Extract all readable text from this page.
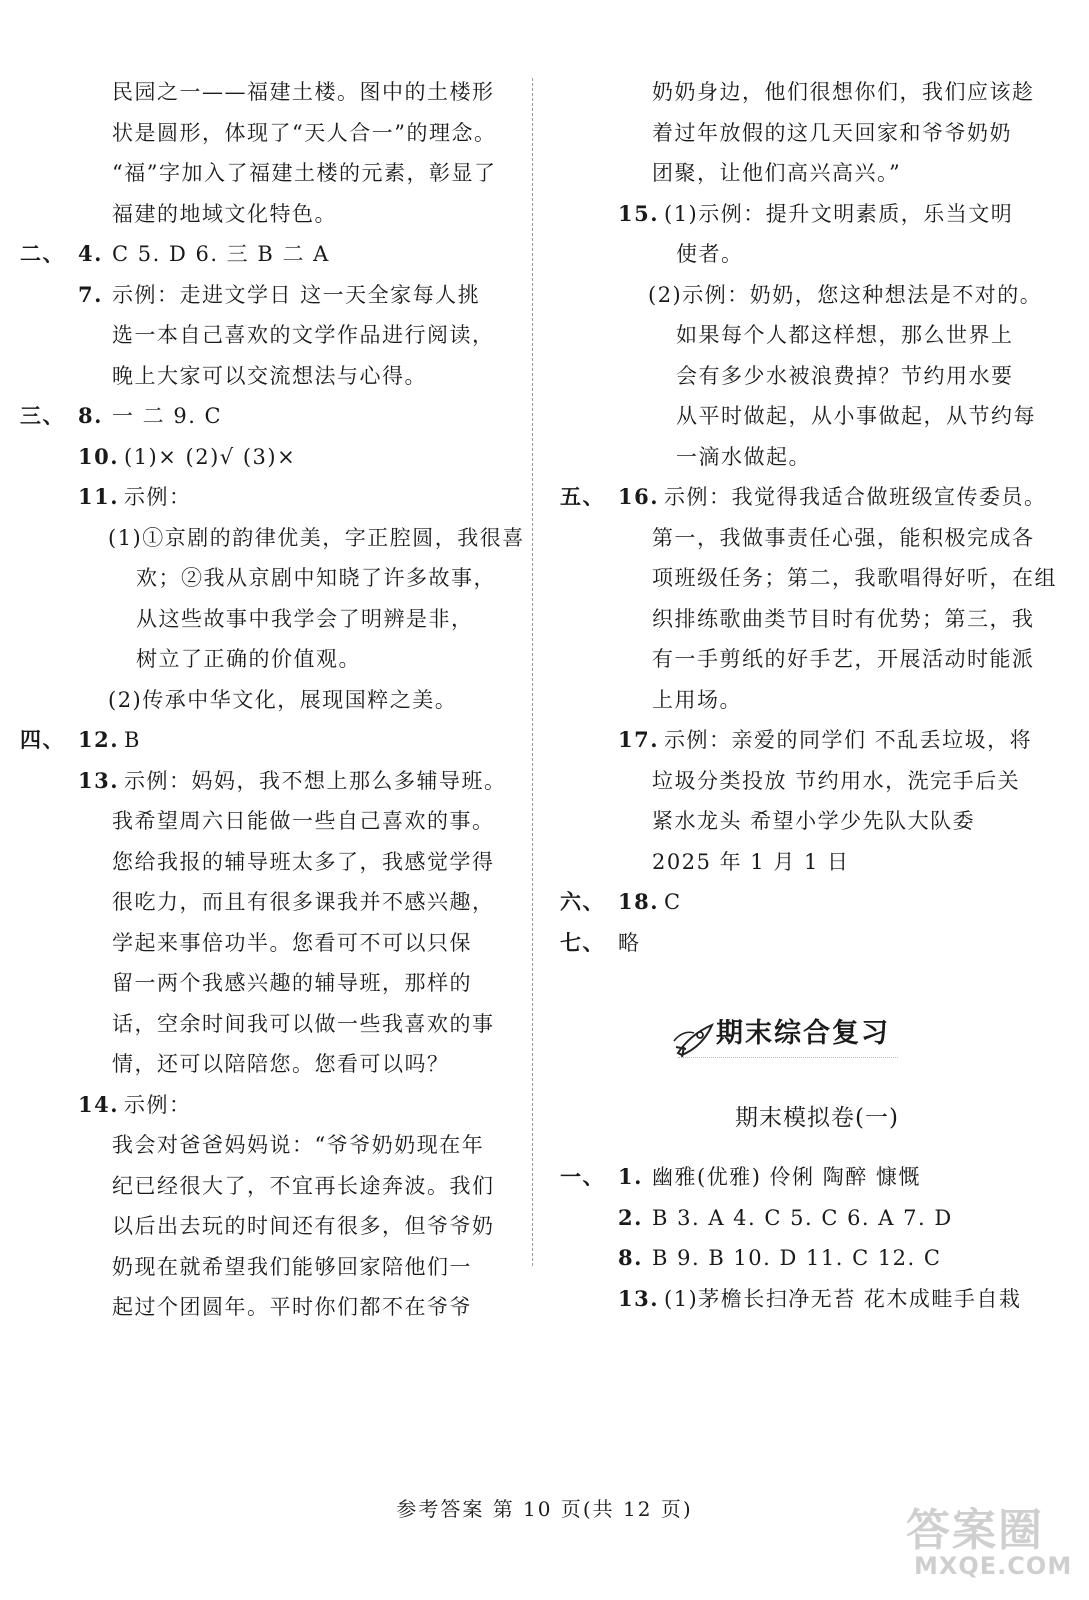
民园之一——福建土楼。图中的土楼形
状是圆形，体现了“天人合一”的理念。
“福”字加入了福建土楼的元素，彰显了
福建的地域文化特色。
二、 4. C 5. D 6. 三 B 二 A
7. 示例：走进文学日 这一天全家每人挑
选一本自己喜欢的文学作品进行阅读，
晚上大家可以交流想法与心得。
三、 8. 一 二 9. C
10. (1)× (2)√ (3)×
11. 示例：
(1)①京剧的韵律优美，字正腔圆，我很喜
欢；②我从京剧中知晓了许多故事，
从这些故事中我学会了明辨是非，
树立了正确的价值观。
(2)传承中华文化，展现国粹之美。
四、 12. B
13. 示例：妈妈，我不想上那么多辅导班。
我希望周六日能做一些自己喜欢的事。
您给我报的辅导班太多了，我感觉学得
很吃力，而且有很多课我并不感兴趣，
学起来事倍功半。您看可不可以只保
留一两个我感兴趣的辅导班，那样的
话，空余时间我可以做一些我喜欢的事
情，还可以陪陪您。您看可以吗？
14. 示例：
我会对爸爸妈妈说：“爷爷奶奶现在年
纪已经很大了，不宜再长途奔波。我们
以后出去玩的时间还有很多，但爷爷奶
奶现在就希望我们能够回家陪他们一
起过个团圆年。平时你们都不在爷爷
奶奶身边，他们很想你们，我们应该趁
着过年放假的这几天回家和爷爷奶奶
团聚，让他们高兴高兴。”
15. (1)示例：提升文明素质，乐当文明
使者。
(2)示例：奶奶，您这种想法是不对的。
如果每个人都这样想，那么世界上
会有多少水被浪费掉？节约用水要
从平时做起，从小事做起，从节约每
一滴水做起。
五、 16. 示例：我觉得我适合做班级宣传委员。
第一，我做事责任心强，能积极完成各
项班级任务；第二，我歌唱得好听，在组
织排练歌曲类节目时有优势；第三，我
有一手剪纸的好手艺，开展活动时能派
上用场。
17. 示例：亲爱的同学们 不乱丢垃圾，将
垃圾分类投放 节约用水，洗完手后关
紧水龙头 希望小学少先队大队委
2025 年 1 月 1 日
六、 18. C
七、 略
期末综合复习
期末模拟卷(一)
一、 1. 幽雅(优雅) 伶俐 陶醉 慷慨
2. B 3. A 4. C 5. C 6. A 7. D
8. B 9. B 10. D 11. C 12. C
13. (1)茅檐长扫净无苔 花木成畦手自栽
参考答案 第 10 页(共 12 页)	答案圈
MXQE.COM
